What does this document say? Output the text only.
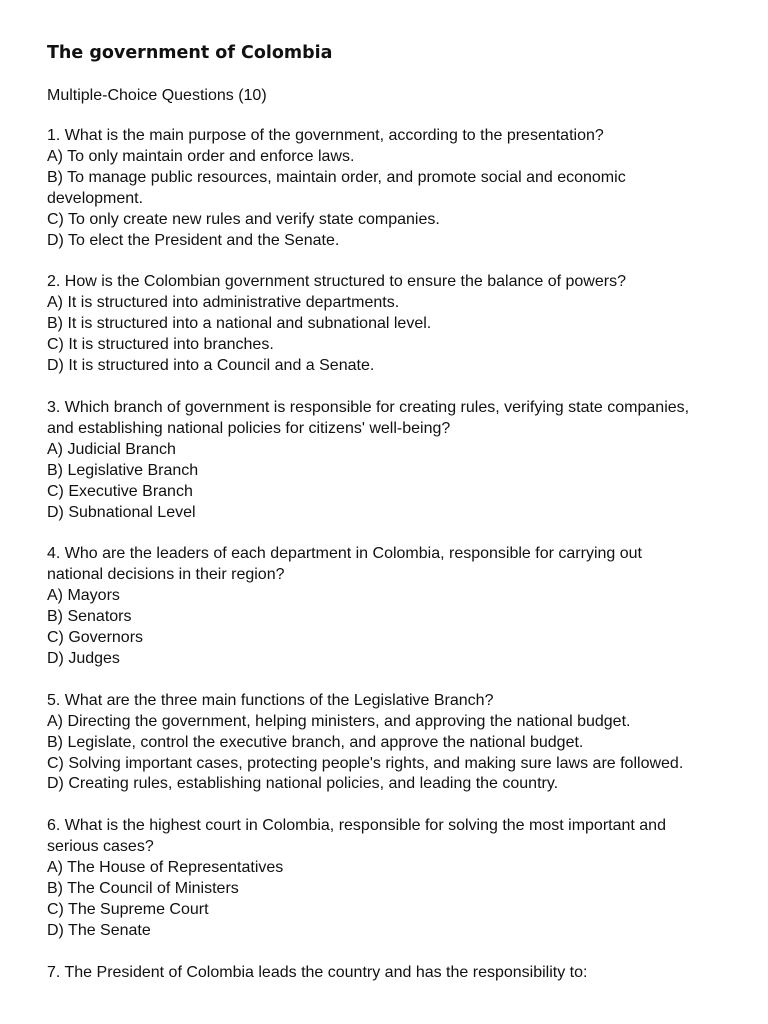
The government of Colombia
Multiple-Choice Questions (10)
1. What is the main purpose of the government, according to the presentation?
A) To only maintain order and enforce laws.
B) To manage public resources, maintain order, and promote social and economic
development.
C) To only create new rules and verify state companies.
D) To elect the President and the Senate.
2. How is the Colombian government structured to ensure the balance of powers?
A) It is structured into administrative departments.
B) It is structured into a national and subnational level.
C) It is structured into branches.
D) It is structured into a Council and a Senate.
3. Which branch of government is responsible for creating rules, verifying state companies,
and establishing national policies for citizens' well-being?
A) Judicial Branch
B) Legislative Branch
C) Executive Branch
D) Subnational Level
4. Who are the leaders of each department in Colombia, responsible for carrying out
national decisions in their region?
A) Mayors
B) Senators
C) Governors
D) Judges
5. What are the three main functions of the Legislative Branch?
A) Directing the government, helping ministers, and approving the national budget.
B) Legislate, control the executive branch, and approve the national budget.
C) Solving important cases, protecting people's rights, and making sure laws are followed.
D) Creating rules, establishing national policies, and leading the country.
6. What is the highest court in Colombia, responsible for solving the most important and
serious cases?
A) The House of Representatives
B) The Council of Ministers
C) The Supreme Court
D) The Senate
7. The President of Colombia leads the country and has the responsibility to:
